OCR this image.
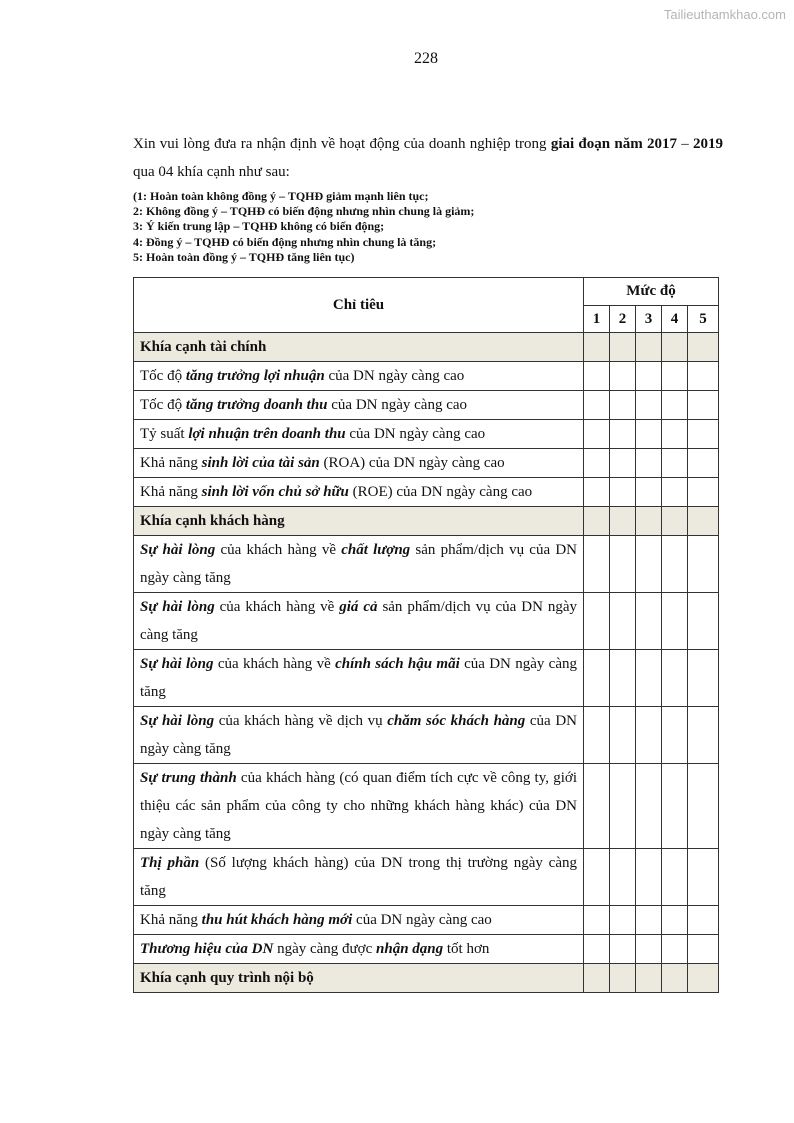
Tailieuthamkhao.com
228
Xin vui lòng đưa ra nhận định về hoạt động của doanh nghiệp trong giai đoạn năm 2017 – 2019 qua 04 khía cạnh như sau:
(1: Hoàn toàn không đồng ý – TQHĐ giảm mạnh liên tục;
2: Không đồng ý – TQHĐ có biến động nhưng nhìn chung là giảm;
3: Ý kiến trung lập – TQHĐ không có biến động;
4: Đồng ý – TQHĐ có biến động nhưng nhìn chung là tăng;
5: Hoàn toàn đồng ý – TQHĐ tăng liên tục)
Chỉ tiêu	Mức độ				
	1	2	3	4	5
Khía cạnh tài chính					
Tốc độ tăng trưởng lợi nhuận của DN ngày càng cao					
Tốc độ tăng trưởng doanh thu của DN ngày càng cao					
Tỷ suất lợi nhuận trên doanh thu của DN ngày càng cao					
Khả năng sinh lời của tài sản (ROA) của DN ngày càng cao					
Khả năng sinh lời vốn chủ sở hữu (ROE) của DN ngày càng cao					
Khía cạnh khách hàng					
Sự hài lòng của khách hàng về chất lượng sản phẩm/dịch vụ của DN ngày càng tăng					
Sự hài lòng của khách hàng về giá cả sản phẩm/dịch vụ của DN ngày càng tăng					
Sự hài lòng của khách hàng về chính sách hậu mãi của DN ngày càng tăng					
Sự hài lòng của khách hàng về dịch vụ chăm sóc khách hàng của DN ngày càng tăng					
Sự trung thành của khách hàng (có quan điểm tích cực về công ty, giới thiệu các sản phẩm của công ty cho những khách hàng khác) của DN ngày càng tăng					
Thị phần (Số lượng khách hàng) của DN trong thị trường ngày càng tăng					
Khả năng thu hút khách hàng mới của DN ngày càng cao					
Thương hiệu của DN ngày càng được nhận dạng tốt hơn					
Khía cạnh quy trình nội bộ					
